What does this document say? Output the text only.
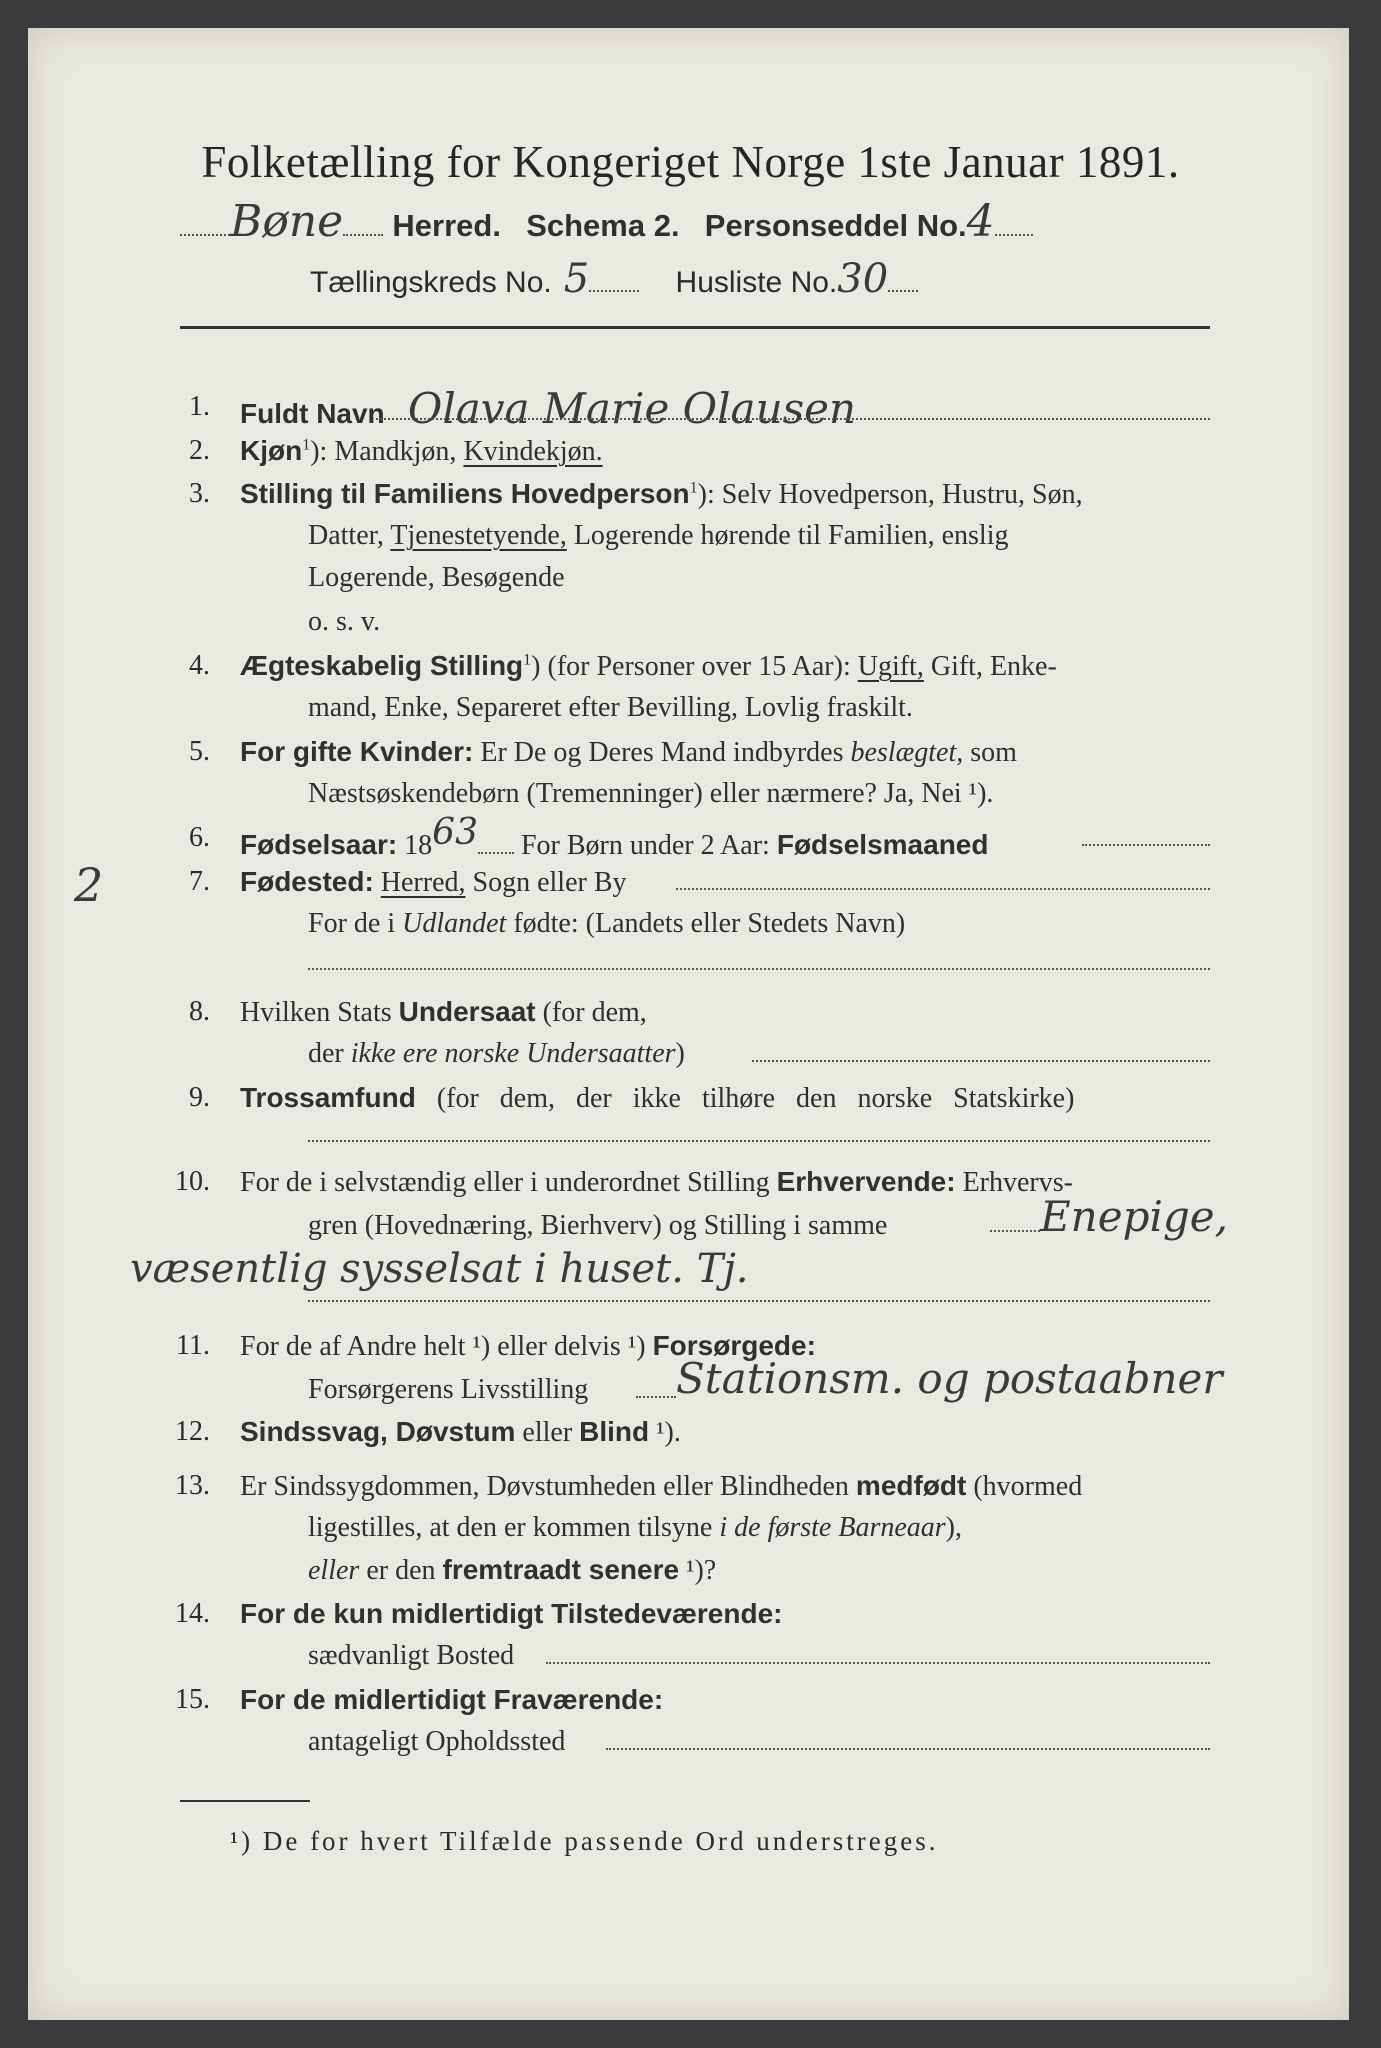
Folketælling for Kongeriget Norge 1ste Januar 1891.
Bøne Herred. Schema 2. Personseddel No.4
Tællingskreds No. 5	Husliste No.30
1. Fuldt Navn Olava Marie Olausen
2. Kjøn$^1$): Mandkjøn, Kvindekjøn.
3. Stilling til Familiens Hovedperson$^1$): Selv Hovedperson, Hustru, Søn,
Datter, Tjenestetyende, Logerende hørende til Familien, enslig
Logerende, Besøgende
o. s. v.
4. Ægteskabelig Stilling$^1$) (for Personer over 15 Aar): Ugift, Gift, Enke-
mand, Enke, Separeret efter Bevilling, Lovlig fraskilt.
5. For gifte Kvinder: Er De og Deres Mand indbyrdes beslægtet, som
Næstsøskendebørn (Tremenninger) eller nærmere? Ja, Nei ¹).
6. Fødselsaar: 1863 For Børn under 2 Aar: Fødselsmaaned
2	7. Fødested: Herred, Sogn eller By
For de i Udlandet fødte: (Landets eller Stedets Navn)
8. Hvilken Stats Undersaat (for dem,
der ikke ere norske Undersaatter)
9. Trossamfund (for dem, der ikke tilhøre den norske Statskirke)
10. For de i selvstændig eller i underordnet Stilling Erhvervende: Erhvervs-
gren (Hovednæring, Bierhverv) og Stilling i samme	Enepige,
væsentlig sysselsat i huset. Tj.
11. For de af Andre helt ¹) eller delvis ¹) Forsørgede:
Forsørgerens Livsstilling Stationsm. og postaabner
12. Sindssvag, Døvstum eller Blind ¹).
13. Er Sindssygdommen, Døvstumheden eller Blindheden medfødt (hvormed
ligestilles, at den er kommen tilsyne i de første Barneaar),
eller er den fremtraadt senere ¹)?
14. For de kun midlertidigt Tilstedeværende:
sædvanligt Bosted
15. For de midlertidigt Fraværende:
antageligt Opholdssted
¹) De for hvert Tilfælde passende Ord understreges.
